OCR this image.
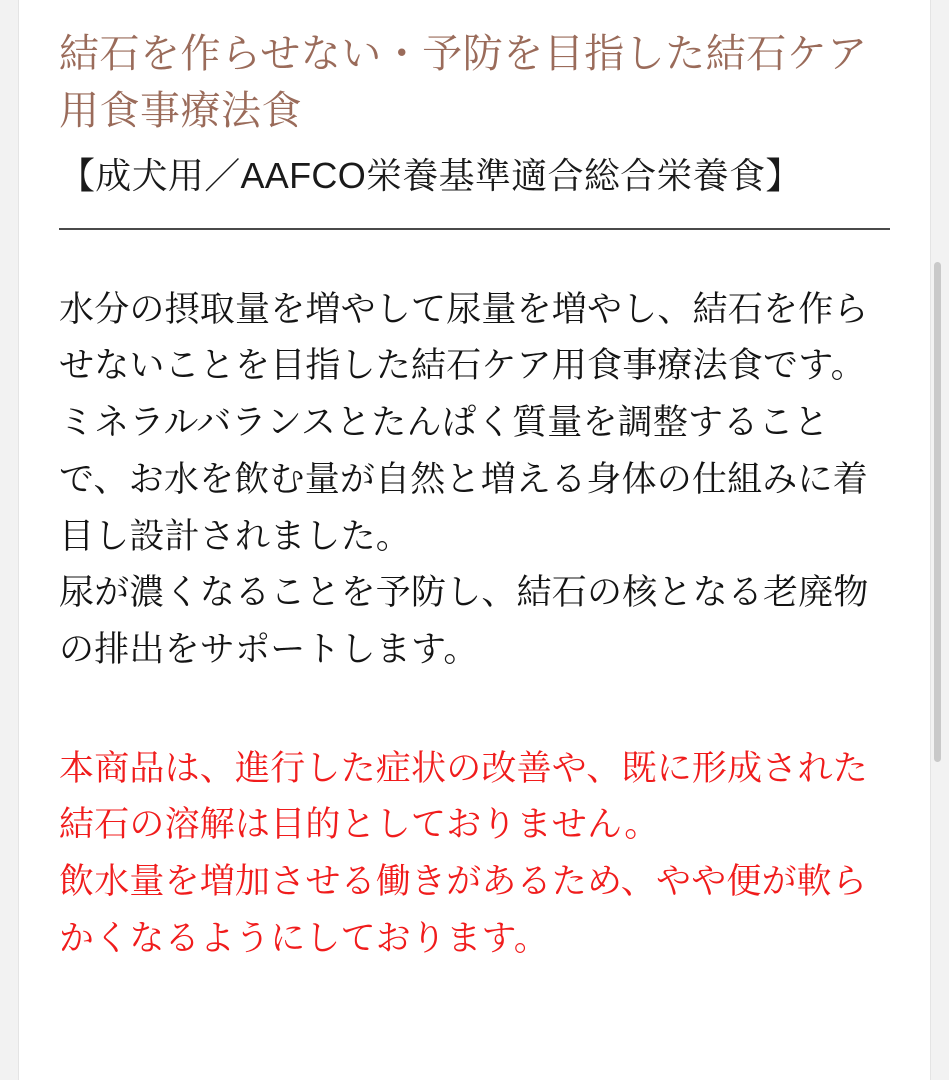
結石を作らせない・予防を目指した結石ケア用食事療法食
【成犬用／AAFCO栄養基準適合総合栄養食】

水分の摂取量を増やして尿量を増やし、結石を作らせないことを目指した結石ケア用食事療法食です。

ミネラルバランスとたんぱく質量を調整することで、お水を飲む量が自然と増える身体の仕組みに着目し設計されました。

尿が濃くなることを予防し、結石の核となる老廃物の排出をサポートします。

本商品は、進行した症状の改善や、既に形成された結石の溶解は目的としておりません。

飲水量を増加させる働きがあるため、やや便が軟らかくなるようにしております。
